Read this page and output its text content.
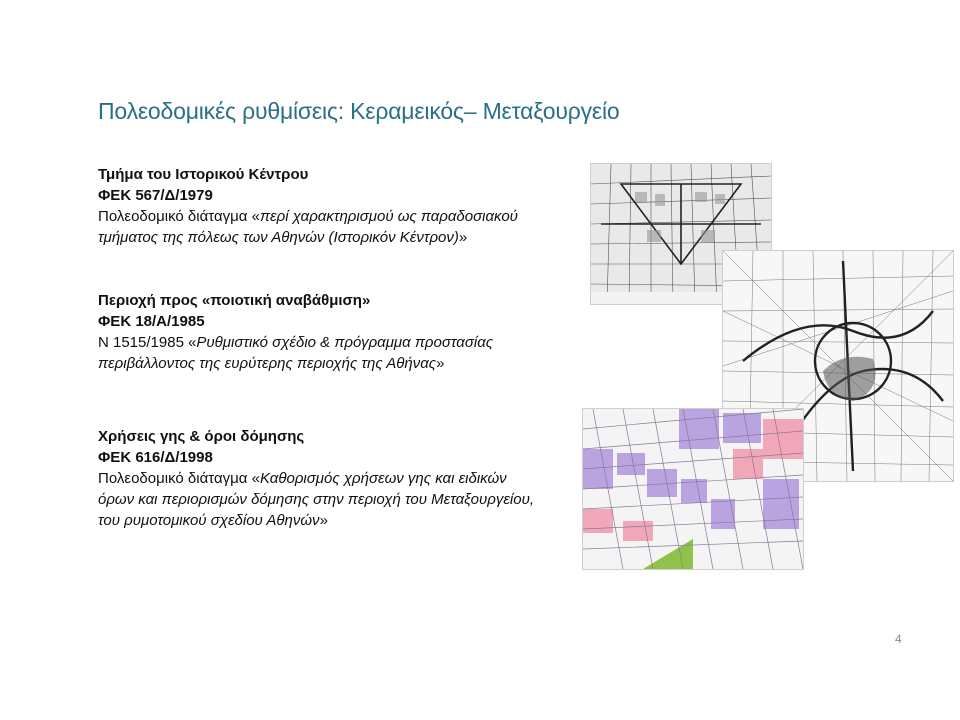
Πολεοδομικές ρυθμίσεις: Κεραμεικός– Μεταξουργείο
Τμήμα του Ιστορικού Κέντρου
ΦΕΚ 567/Δ/1979
Πολεοδομικό διάταγμα «περί χαρακτηρισμού ως παραδοσιακού τμήματος της πόλεως των Αθηνών (Ιστορικόν Κέντρον)»
Περιοχή προς «ποιοτική αναβάθμιση»
ΦΕΚ 18/Α/1985
Ν 1515/1985 «Ρυθμιστικό σχέδιο & πρόγραμμα προστασίας περιβάλλοντος της ευρύτερης περιοχής της Αθήνας»
Χρήσεις γης & όροι δόμησης
ΦΕΚ 616/Δ/1998
Πολεοδομικό διάταγμα «Καθορισμός χρήσεων γης και ειδικών όρων και περιορισμών δόμησης στην περιοχή του Μεταξουργείου, του ρυμοτομικού σχεδίου Αθηνών»
4
